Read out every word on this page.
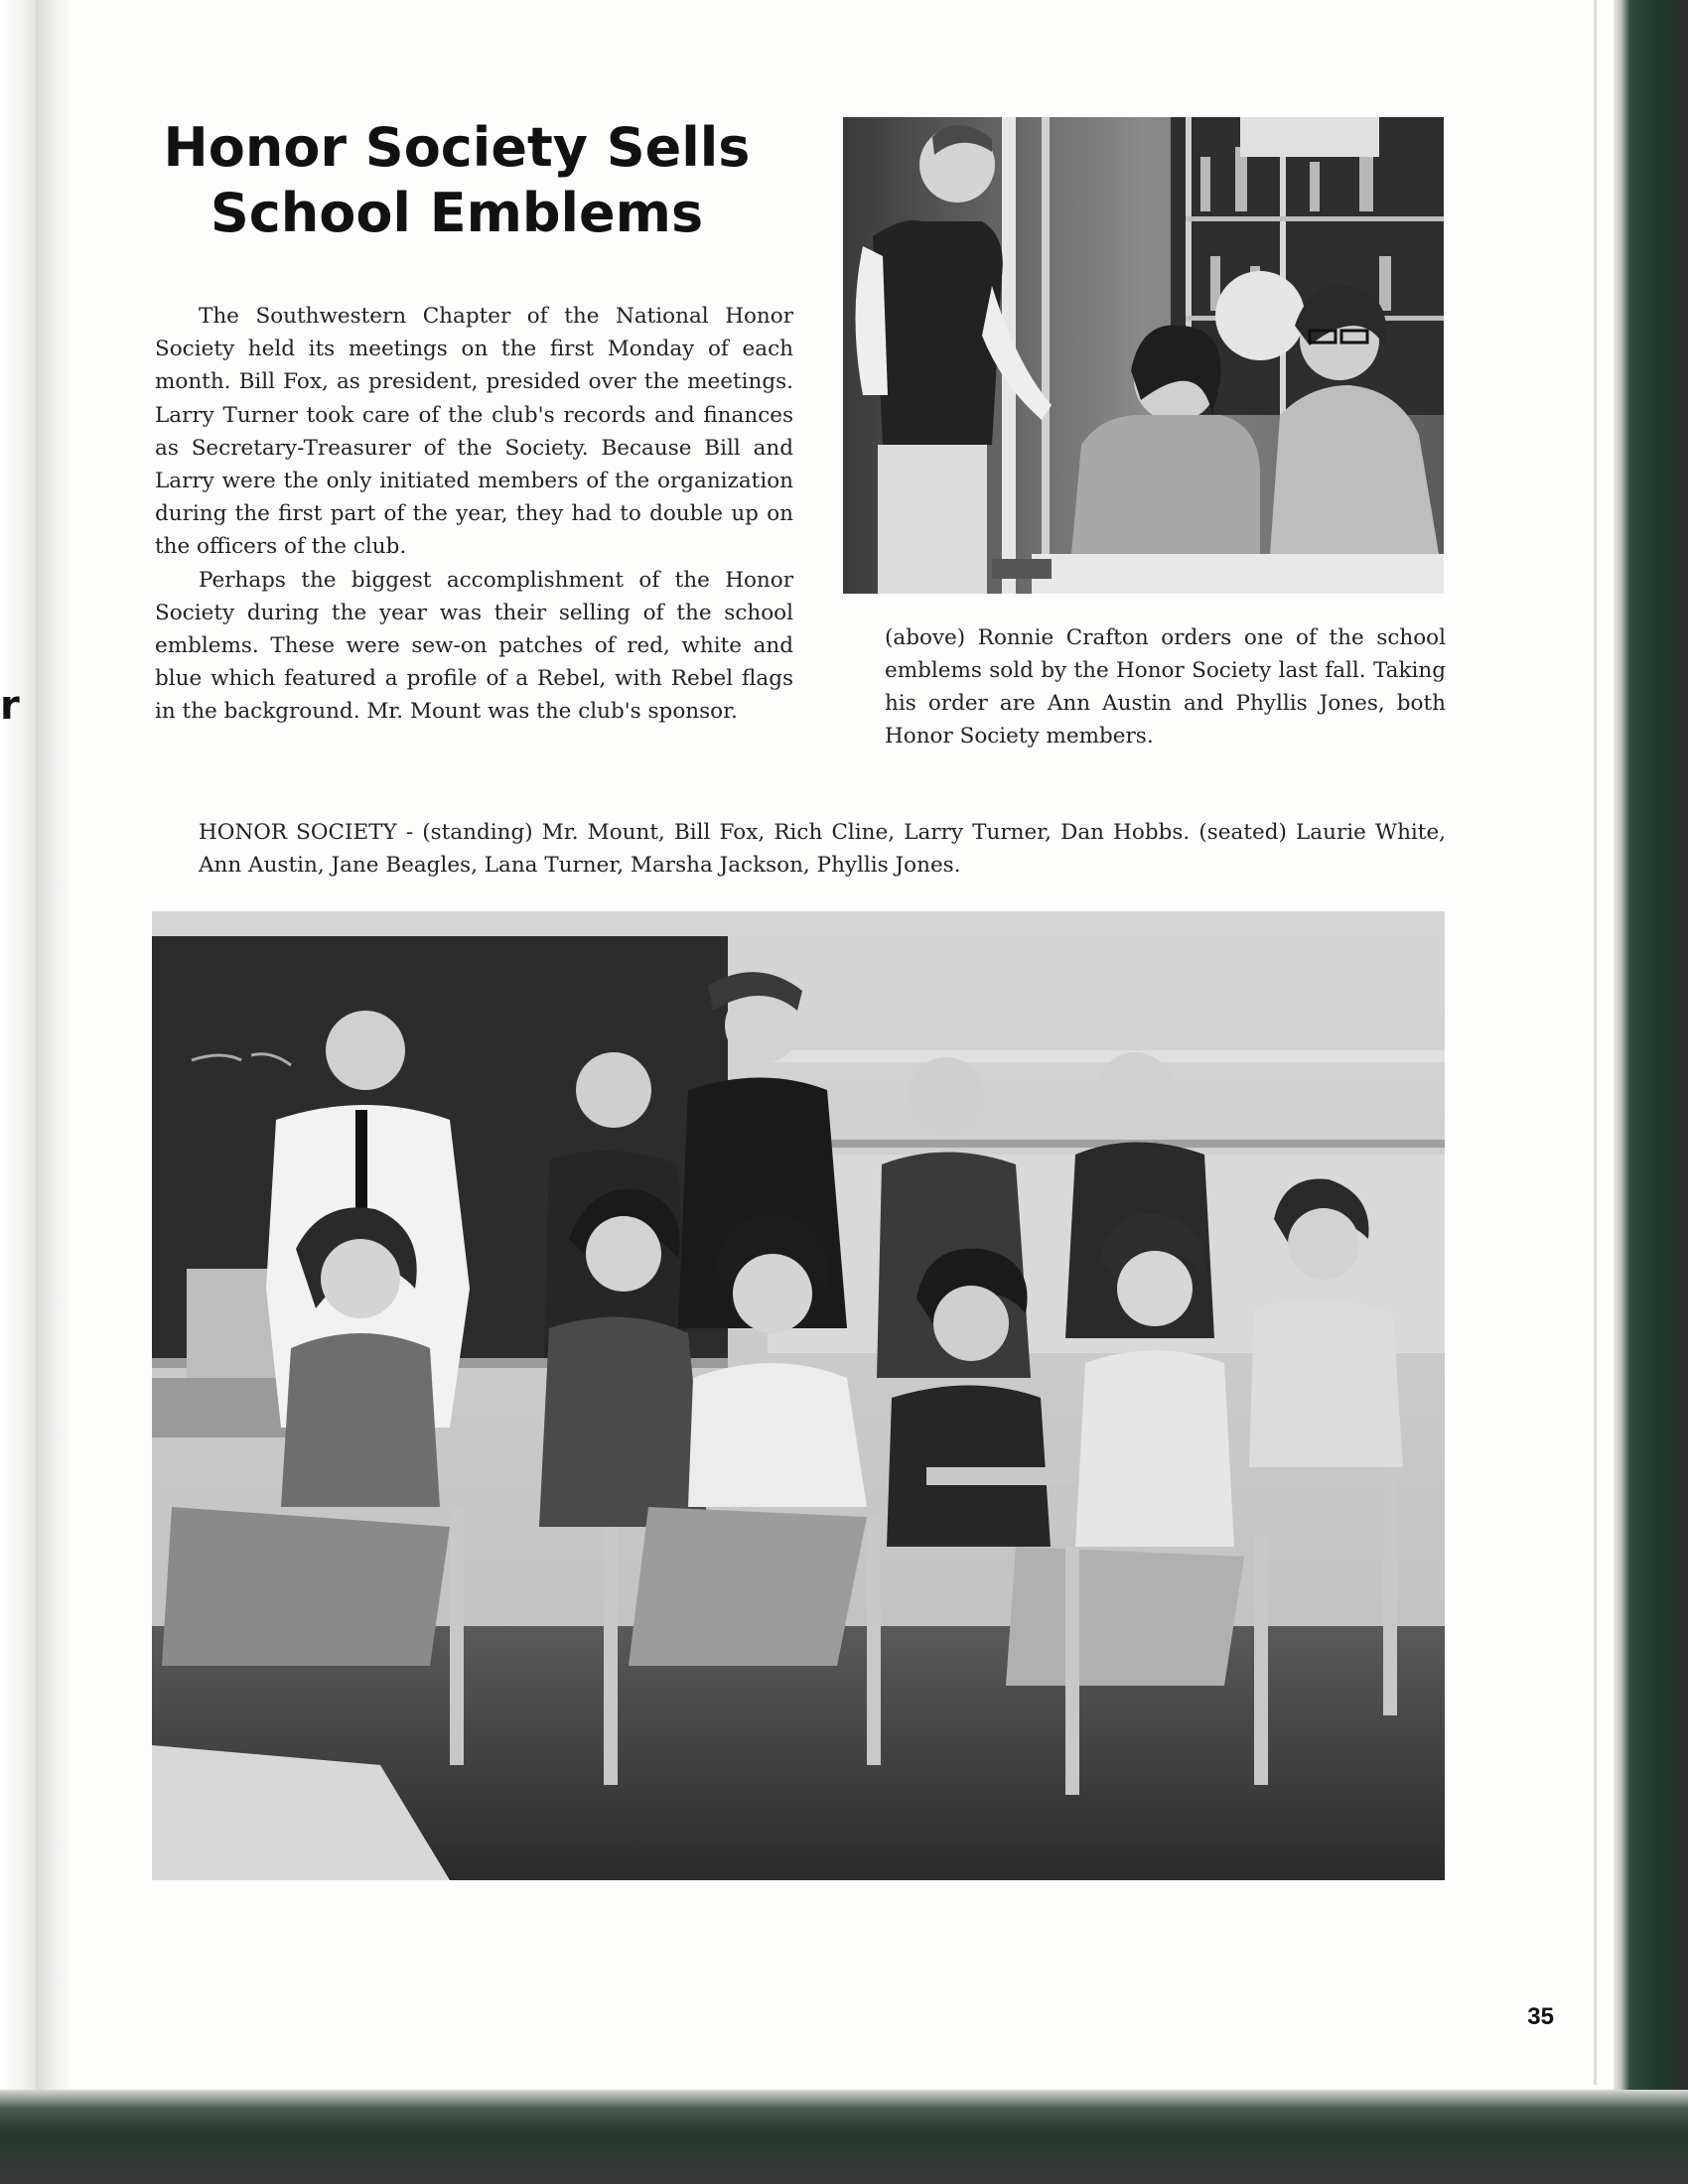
r
Honor Society Sells
School Emblems

The Southwestern Chapter of the National Honor Society held its meetings on the first Monday of each month. Bill Fox, as president, presided over the meetings. Larry Turner took care of the club's records and finances as Secretary-Treasurer of the Society. Because Bill and Larry were the only initiated members of the organization during the first part of the year, they had to double up on the officers of the club.

Perhaps the biggest accomplishment of the Honor Society during the year was their selling of the school emblems. These were sew-on patches of red, white and blue which featured a profile of a Rebel, with Rebel flags in the background. Mr. Mount was the club's sponsor.

(above) Ronnie Crafton orders one of the school emblems sold by the Honor Society last fall. Taking his order are Ann Austin and Phyllis Jones, both Honor Society members.
HONOR SOCIETY - (standing) Mr. Mount, Bill Fox, Rich Cline, Larry Turner, Dan Hobbs. (seated) Laurie White, Ann Austin, Jane Beagles, Lana Turner, Marsha Jackson, Phyllis Jones.
35
